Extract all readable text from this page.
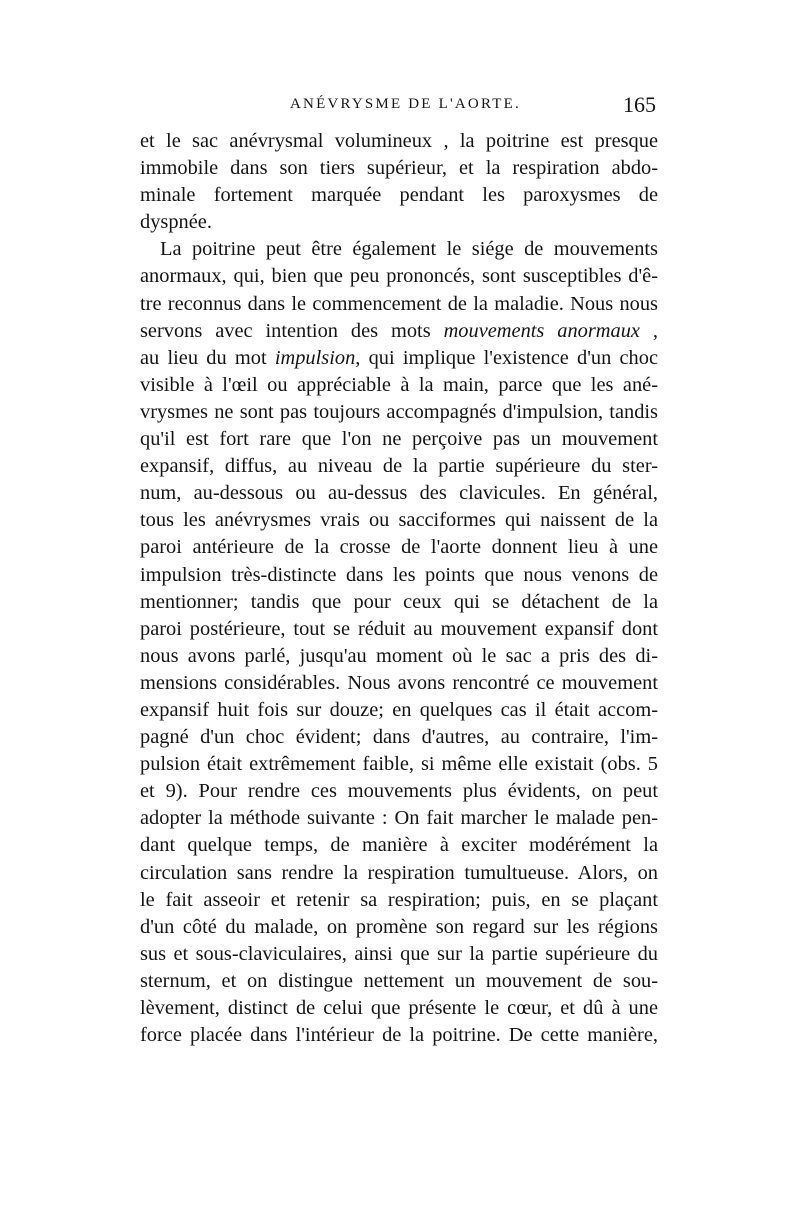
ANÉVRYSME DE L'AORTE.	165
et le sac anévrysmal volumineux , la poitrine est presque
immobile dans son tiers supérieur, et la respiration abdo-
minale fortement marquée pendant les paroxysmes de
dyspnée.
La poitrine peut être également le siége de mouvements
anormaux, qui, bien que peu prononcés, sont susceptibles d'ê-
tre reconnus dans le commencement de la maladie. Nous nous
servons avec intention des mots mouvements anormaux ,
au lieu du mot impulsion, qui implique l'existence d'un choc
visible à l'œil ou appréciable à la main, parce que les ané-
vrysmes ne sont pas toujours accompagnés d'impulsion, tandis
qu'il est fort rare que l'on ne perçoive pas un mouvement
expansif, diffus, au niveau de la partie supérieure du ster-
num, au-dessous ou au-dessus des clavicules. En général,
tous les anévrysmes vrais ou sacciformes qui naissent de la
paroi antérieure de la crosse de l'aorte donnent lieu à une
impulsion très-distincte dans les points que nous venons de
mentionner; tandis que pour ceux qui se détachent de la
paroi postérieure, tout se réduit au mouvement expansif dont
nous avons parlé, jusqu'au moment où le sac a pris des di-
mensions considérables. Nous avons rencontré ce mouvement
expansif huit fois sur douze; en quelques cas il était accom-
pagné d'un choc évident; dans d'autres, au contraire, l'im-
pulsion était extrêmement faible, si même elle existait (obs. 5
et 9). Pour rendre ces mouvements plus évidents, on peut
adopter la méthode suivante : On fait marcher le malade pen-
dant quelque temps, de manière à exciter modérément la
circulation sans rendre la respiration tumultueuse. Alors, on
le fait asseoir et retenir sa respiration; puis, en se plaçant
d'un côté du malade, on promène son regard sur les régions
sus et sous-claviculaires, ainsi que sur la partie supérieure du
sternum, et on distingue nettement un mouvement de sou-
lèvement, distinct de celui que présente le cœur, et dû à une
force placée dans l'intérieur de la poitrine. De cette manière,
